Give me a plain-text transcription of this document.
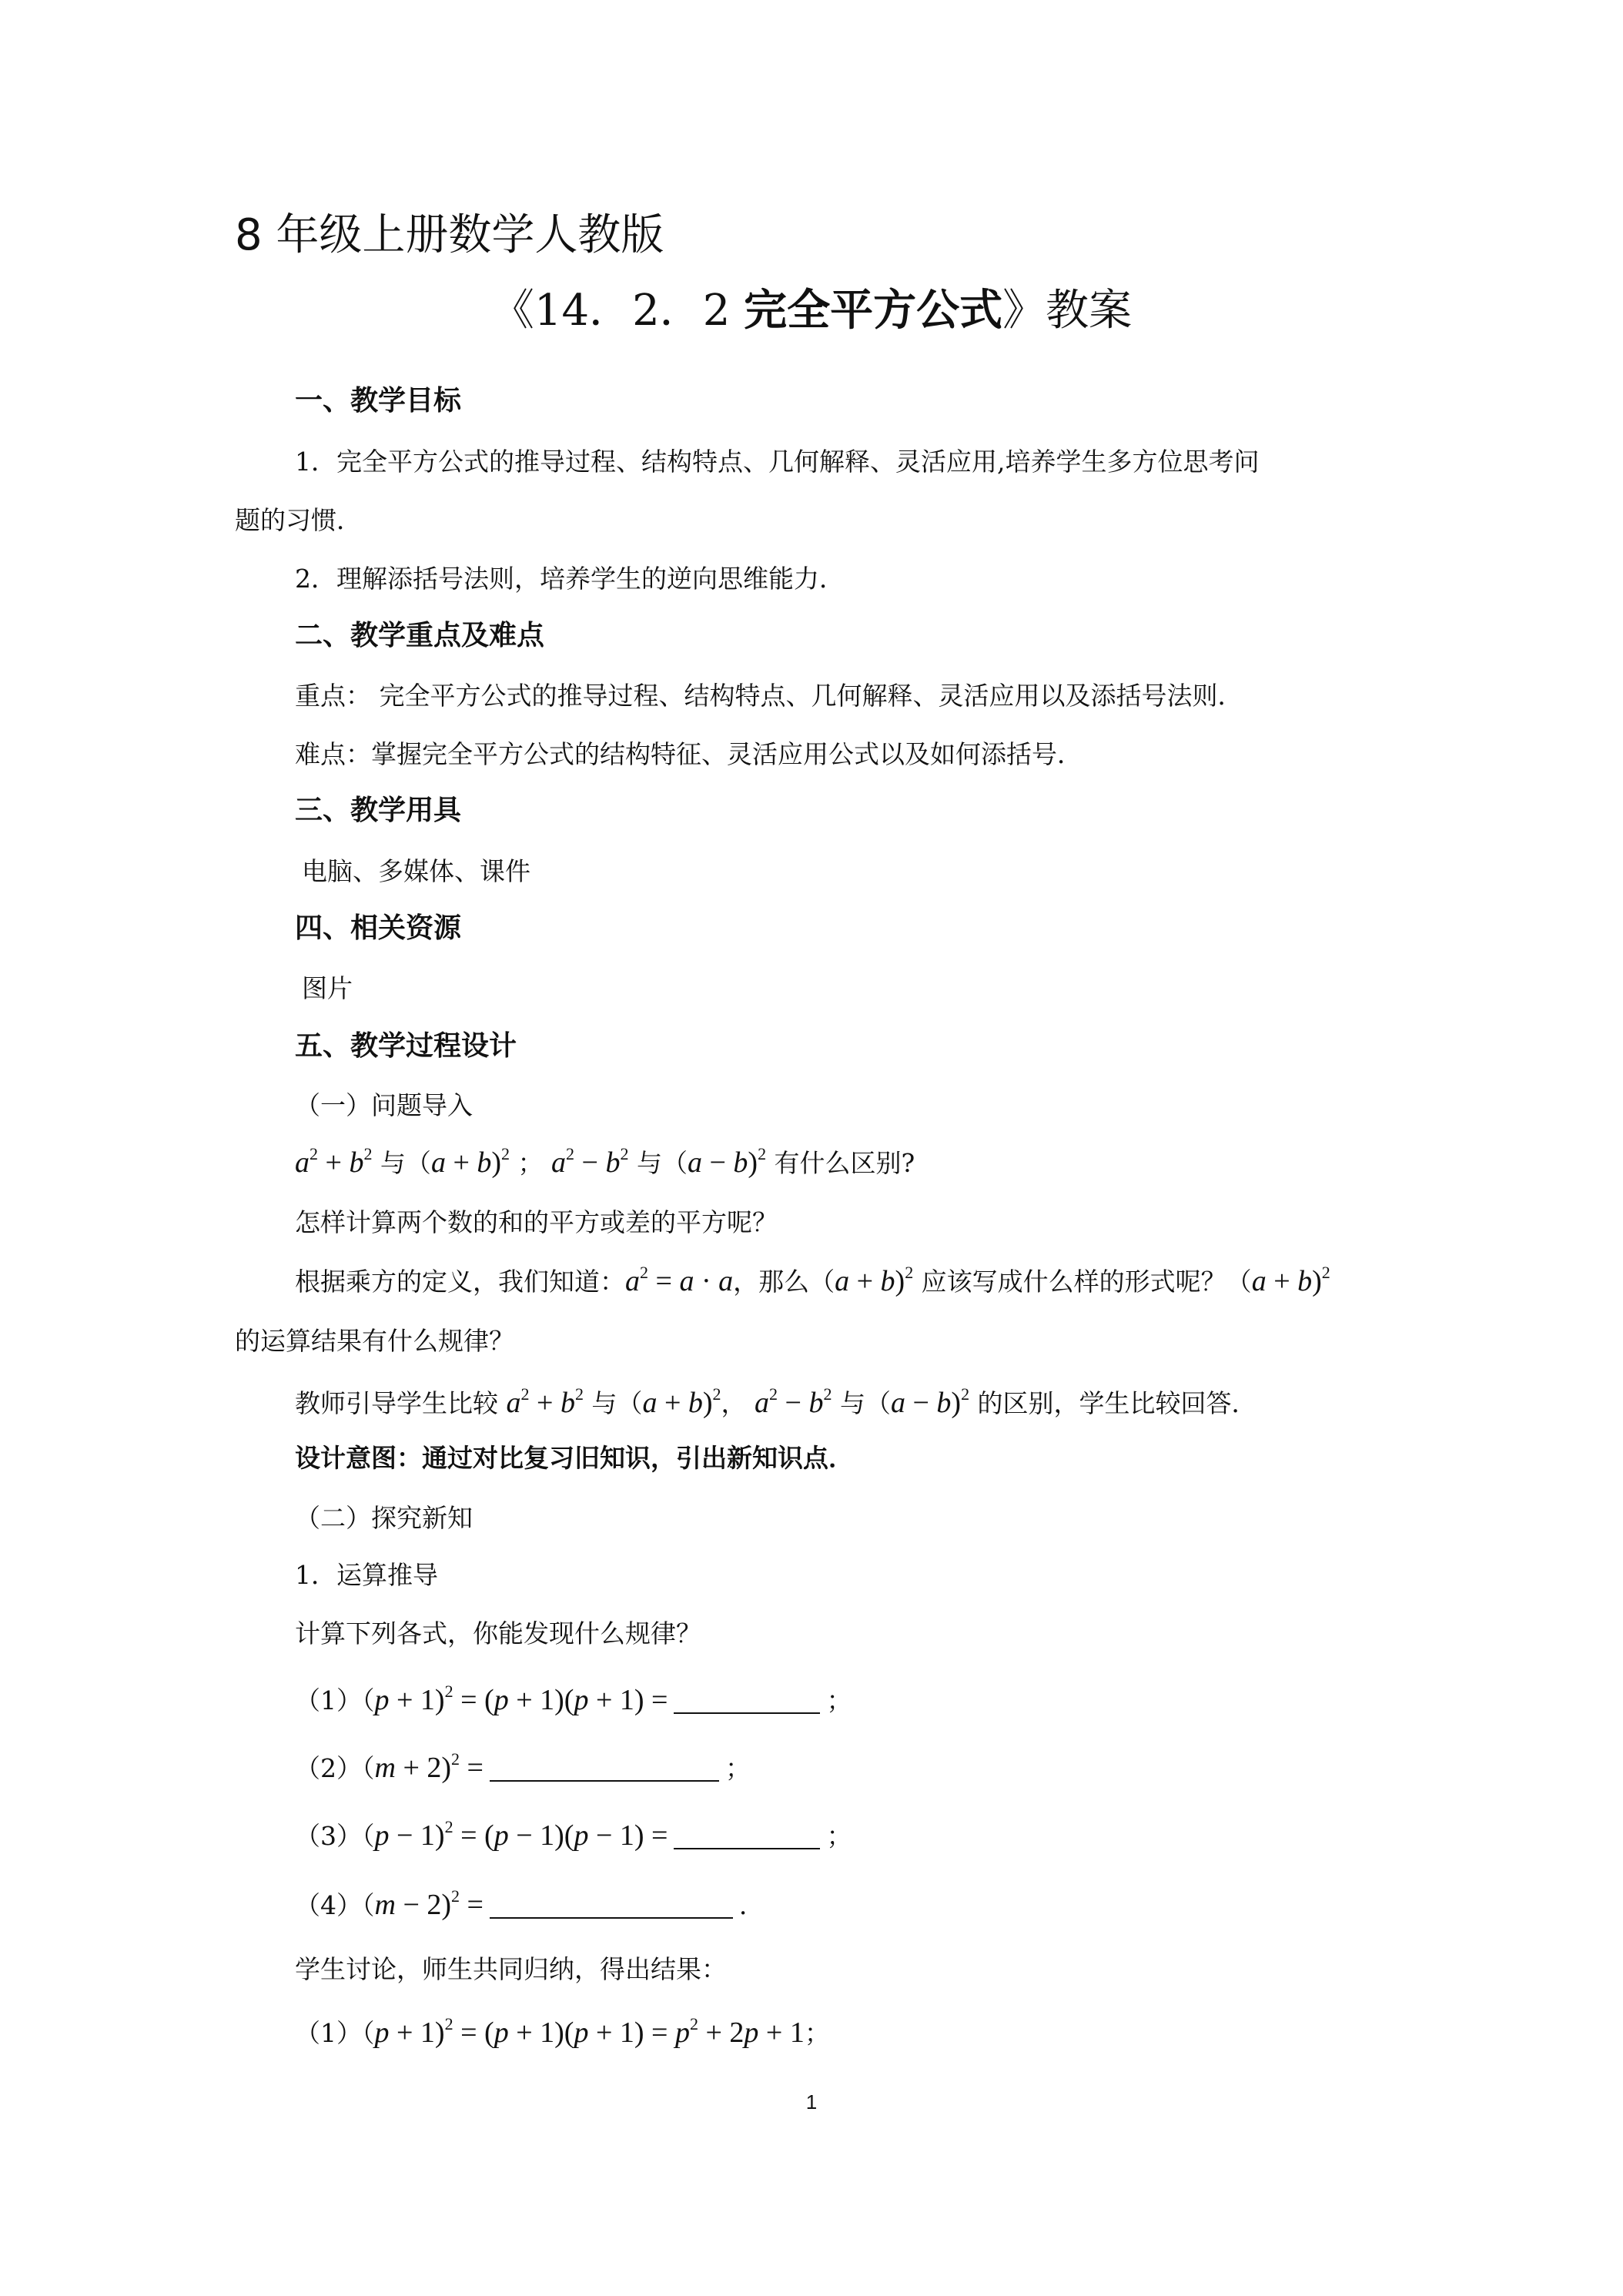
8 年级上册数学人教版
《14．2．2 完全平方公式》教案
一、教学目标
1．完全平方公式的推导过程、结构特点、几何解释、灵活应用,培养学生多方位思考问
题的习惯．
2．理解添括号法则，培养学生的逆向思维能力．
二、教学重点及难点
重点： 完全平方公式的推导过程、结构特点、几何解释、灵活应用以及添括号法则．
难点：掌握完全平方公式的结构特征、灵活应用公式以及如何添括号．
三、教学用具
电脑、多媒体、课件
四、相关资源
图片
五、教学过程设计
（一）问题导入
$a^2 + b^2$ 与（a + b)$^2$ ； $a^2 - b^2$ 与（a − b)$^2$ 有什么区别?
怎样计算两个数的和的平方或差的平方呢？
根据乘方的定义，我们知道：$a^2 = a \cdot a$，那么（a + b)$^2$ 应该写成什么样的形式呢？（a + b)$^2$
的运算结果有什么规律？
教师引导学生比较 $a^2 + b^2$ 与（a + b)$^2$， $a^2 - b^2$ 与（a − b)$^2$ 的区别，学生比较回答．
设计意图：通过对比复习旧知识，引出新知识点．
（二）探究新知
1．运算推导
计算下列各式，你能发现什么规律？
（1）（p + 1)$^2$ = (p + 1)(p + 1) =	；
（2）（m + 2)$^2$ =	；
（3）（p − 1)$^2$ = (p − 1)(p − 1) =	；
（4）（m − 2)$^2$ =	．
学生讨论，师生共同归纳，得出结果：
$(1)(p + 1)^2 = (p + 1)(p + 1) = p^2 + 2p + 1$；
1
